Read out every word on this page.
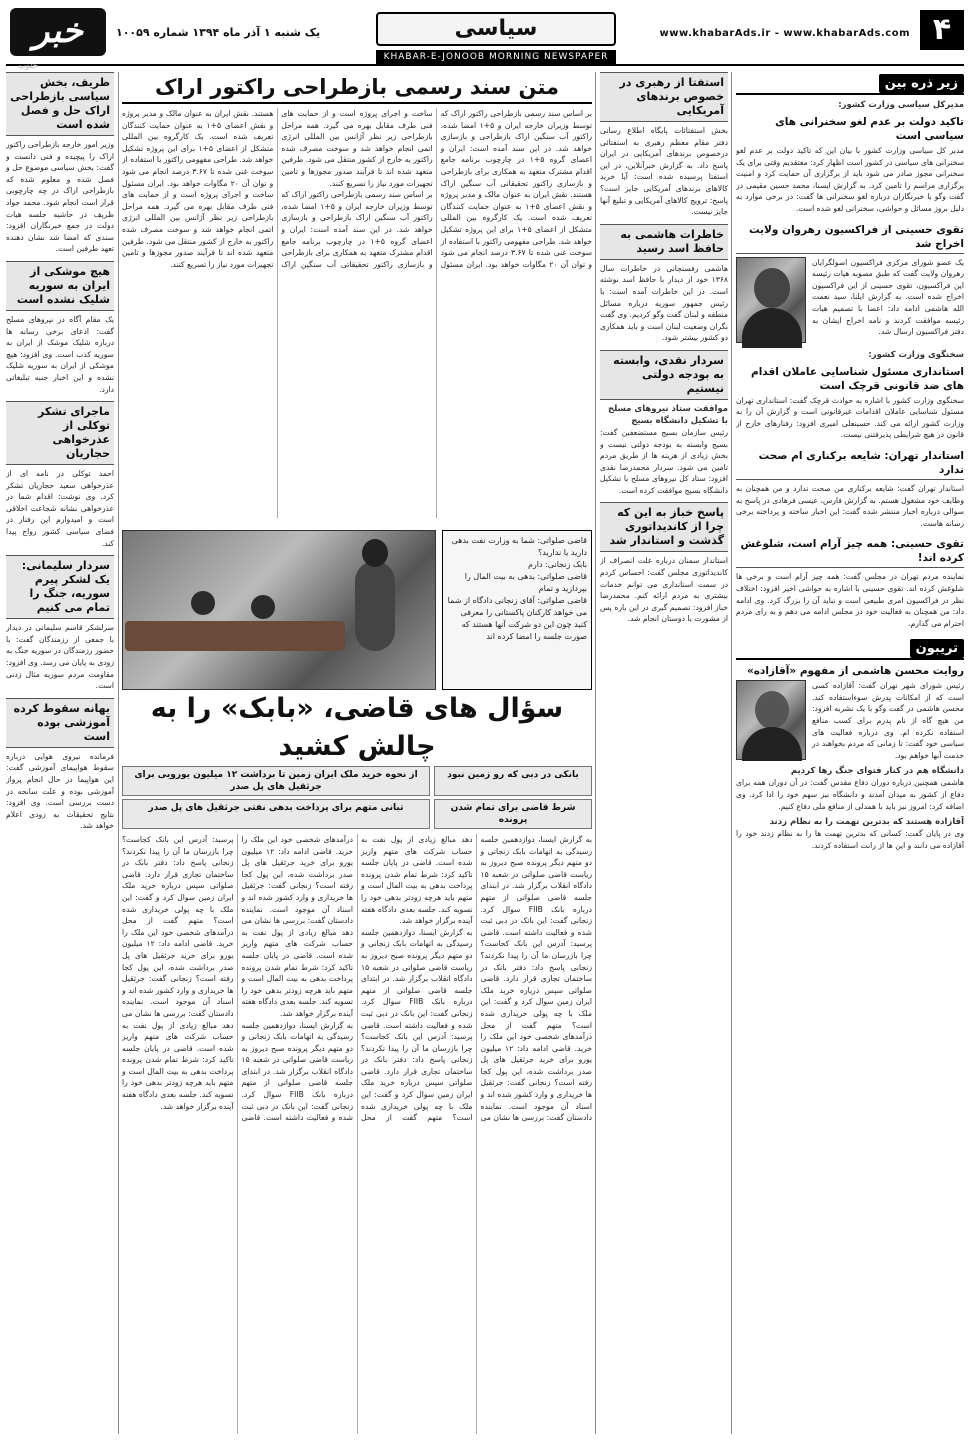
۴
www.khabarAds.ir - www.khabarAds.com
سیاسی
KHABAR-E-JONOOB MORNING NEWSPAPER
یک شنبه ۱ آذر ماه ۱۳۹۴ شماره ۱۰۰۵۹
خبر
جنوب
زیر ذره بین
مدیرکل سیاسی وزارت کشور:
تاکید دولت بر عدم لغو سخنرانی های سیاسی است

مدیر کل سیاسی وزارت کشور با بیان این که تاکید دولت بر عدم لغو سخنرانی های سیاسی در کشور است اظهار کرد: معتقدیم وقتی برای یک سخنرانی مجوز صادر می شود باید از برگزاری آن حمایت کرد و امنیت برگزاری مراسم را تامین کرد. به گزارش ایسنا، محمد حسین مقیمی در گفت وگو با خبرنگاران درباره لغو سخنرانی ها گفت: در برخی موارد به دلیل بروز مسائل و حواشی، سخنرانی لغو شده است.

تقوی حسینی از فراکسیون رهروان ولایت اخراج شد

یک عضو شورای مرکزی فراکسیون اصولگرایان رهروان ولایت گفت که طبق مصوبه هیات رئیسه این فراکسیون، تقوی حسینی از این فراکسیون اخراج شده است. به گزارش ایلنا، سید نعمت الله هاشمی ادامه داد: اعضا با تصمیم هیات رئیسه موافقت کردند و نامه اخراج ایشان به دفتر فراکسیون ارسال شد.

سخنگوی وزارت کشور:
استانداری مسئول شناسایی عاملان اقدام های ضد قانونی قرچک است

سخنگوی وزارت کشور با اشاره به حوادث قرچک گفت: استانداری تهران مسئول شناسایی عاملان اقدامات غیرقانونی است و گزارش آن را به وزارت کشور ارائه می کند. حسینعلی امیری افزود: رفتارهای خارج از قانون در هیچ شرایطی پذیرفتنی نیست.

استاندار تهران: شایعه برکناری ام صحت ندارد

استاندار تهران گفت: شایعه برکناری من صحت ندارد و من همچنان به وظایف خود مشغول هستم. به گزارش فارس، عیسی فرهادی در پاسخ به سوالی درباره اخبار منتشر شده گفت: این اخبار ساخته و پرداخته برخی رسانه هاست.

تقوی حسینی: همه چیز آرام است، شلوغش کرده اند!

نماینده مردم تهران در مجلس گفت: همه چیز آرام است و برخی ها شلوغش کرده اند. تقوی حسینی با اشاره به حواشی اخیر افزود: اختلاف نظر در فراکسیون امری طبیعی است و نباید آن را بزرگ کرد. وی ادامه داد: من همچنان به فعالیت خود در مجلس ادامه می دهم و به رای مردم احترام می گذارم.

تریبون
روایت محسن هاشمی از مفهوم «آقازاده»

رئیس شورای شهر تهران گفت: آقازاده کسی است که از امکانات پدرش سوءاستفاده کند. محسن هاشمی در گفت وگو با یک نشریه افزود: من هیچ گاه از نام پدرم برای کسب منافع استفاده نکرده ام. وی درباره فعالیت های سیاسی خود گفت: تا زمانی که مردم بخواهند در خدمت آنها خواهم بود.

دانشگاه هم در کنار فتوای جنگ رها کردیم

هاشمی همچنین درباره دوران دفاع مقدس گفت: در آن دوران همه برای دفاع از کشور به میدان آمدند و دانشگاه نیز سهم خود را ادا کرد. وی اضافه کرد: امروز نیز باید با همدلی از منافع ملی دفاع کنیم.

آقازاده هستند که بدترین تهمت را به نظام زدند

وی در پایان گفت: کسانی که بدترین تهمت ها را به نظام زدند خود را آقازاده می دانند و این ها از رانت استفاده کردند.

استفتا از رهبری در خصوص برندهای آمریکایی

بخش استفتائات پایگاه اطلاع رسانی دفتر مقام معظم رهبری به استفتائی درخصوص برندهای آمریکایی در ایران پاسخ داد. به گزارش خبرآنلاین، در این استفتا پرسیده شده است: آیا خرید کالاهای برندهای آمریکایی جایز است؟ پاسخ: ترویج کالاهای آمریکایی و تبلیغ آنها جایز نیست.

خاطرات هاشمی به حافظ اسد رسید

هاشمی رفسنجانی در خاطرات سال ۱۳۶۸ خود از دیدار با حافظ اسد نوشته است. در این خاطرات آمده است: با رئیس جمهور سوریه درباره مسائل منطقه و لبنان گفت وگو کردیم. وی گفت نگران وضعیت لبنان است و باید همکاری دو کشور بیشتر شود.

سردار نقدی، وابسته به بودجه دولتی نیستیم
موافقت ستاد نیروهای مسلح با تشکیل دانشگاه بسیج

رئیس سازمان بسیج مستضعفین گفت: بسیج وابسته به بودجه دولتی نیست و بخش زیادی از هزینه ها از طریق مردم تامین می شود. سردار محمدرضا نقدی افزود: ستاد کل نیروهای مسلح با تشکیل دانشگاه بسیج موافقت کرده است.

پاسخ خباز به این که چرا از کاندیداتوری گذشت و استاندار شد

استاندار سمنان درباره علت انصراف از کاندیداتوری مجلس گفت: احساس کردم در سمت استانداری می توانم خدمات بیشتری به مردم ارائه کنم. محمدرضا خباز افزود: تصمیم گیری در این باره پس از مشورت با دوستان انجام شد.

متن سند رسمی بازطراحی راکتور اراک

بر اساس سند رسمی بازطراحی راکتور اراک که توسط وزیران خارجه ایران و ۵+۱ امضا شده، راکتور آب سنگین اراک بازطراحی و بازسازی خواهد شد. در این سند آمده است: ایران و اعضای گروه ۵+۱ در چارچوب برنامه جامع اقدام مشترک متعهد به همکاری برای بازطراحی و بازسازی راکتور تحقیقاتی آب سنگین اراک هستند. نقش ایران به عنوان مالک و مدیر پروژه و نقش اعضای ۵+۱ به عنوان حمایت کنندگان تعریف شده است. یک کارگروه بین المللی متشکل از اعضای ۵+۱ برای این پروژه تشکیل خواهد شد. طراحی مفهومی راکتور با استفاده از سوخت غنی شده تا ۳.۶۷ درصد انجام می شود و توان آن ۲۰ مگاوات خواهد بود. ایران مسئول ساخت و اجرای پروژه است و از حمایت های فنی طرف مقابل بهره می گیرد. همه مراحل بازطراحی زیر نظر آژانس بین المللی انرژی اتمی انجام خواهد شد و سوخت مصرف شده راکتور به خارج از کشور منتقل می شود. طرفین متعهد شده اند تا فرآیند صدور مجوزها و تامین تجهیزات مورد نیاز را تسریع کنند.

بر اساس سند رسمی بازطراحی راکتور اراک که توسط وزیران خارجه ایران و ۵+۱ امضا شده، راکتور آب سنگین اراک بازطراحی و بازسازی خواهد شد. در این سند آمده است: ایران و اعضای گروه ۵+۱ در چارچوب برنامه جامع اقدام مشترک متعهد به همکاری برای بازطراحی و بازسازی راکتور تحقیقاتی آب سنگین اراک هستند. نقش ایران به عنوان مالک و مدیر پروژه و نقش اعضای ۵+۱ به عنوان حمایت کنندگان تعریف شده است. یک کارگروه بین المللی متشکل از اعضای ۵+۱ برای این پروژه تشکیل خواهد شد. طراحی مفهومی راکتور با استفاده از سوخت غنی شده تا ۳.۶۷ درصد انجام می شود و توان آن ۲۰ مگاوات خواهد بود. ایران مسئول ساخت و اجرای پروژه است و از حمایت های فنی طرف مقابل بهره می گیرد. همه مراحل بازطراحی زیر نظر آژانس بین المللی انرژی اتمی انجام خواهد شد و سوخت مصرف شده راکتور به خارج از کشور منتقل می شود. طرفین متعهد شده اند تا فرآیند صدور مجوزها و تامین تجهیزات مورد نیاز را تسریع کنند.

قاضی صلواتی: شما به وزارت نفت بدهی دارید یا ندارید؟

بابک زنجانی: دارم

قاضی صلواتی: بدهی به بیت المال را بپردازید و تمام

قاضی صلواتی: آقای زنجانی دادگاه از شما می خواهد کارکنان پاکستانی را معرفی کنید چون این دو شرکت آنها هستند که صورت جلسه را امضا کرده اند

سؤال های قاضی، «بابک» را به چالش کشید
بانکی در دبی که رو زمین نبود
از نحوه خرید ملک ایران زمین تا برداشت ۱۲ میلیون یورویی برای جرثقیل های پل صدر
شرط قاضی برای تمام شدن پرونده
تبانی متهم برای پرداخت بدهی نفتی جرثقیل های پل صدر

به گزارش ایسنا، دوازدهمین جلسه رسیدگی به اتهامات بابک زنجانی و دو متهم دیگر پرونده صبح دیروز به ریاست قاضی صلواتی در شعبه ۱۵ دادگاه انقلاب برگزار شد. در ابتدای جلسه قاضی صلواتی از متهم درباره بانک FIIB سوال کرد. زنجانی گفت: این بانک در دبی ثبت شده و فعالیت داشته است. قاضی پرسید: آدرس این بانک کجاست؟ چرا بازرسان ما آن را پیدا نکردند؟ زنجانی پاسخ داد: دفتر بانک در ساختمان تجاری قرار دارد. قاضی صلواتی سپس درباره خرید ملک ایران زمین سوال کرد و گفت: این ملک با چه پولی خریداری شده است؟ متهم گفت از محل درآمدهای شخصی خود این ملک را خرید. قاضی ادامه داد: ۱۲ میلیون یورو برای خرید جرثقیل های پل صدر برداشت شده، این پول کجا رفته است؟ زنجانی گفت: جرثقیل ها خریداری و وارد کشور شده اند و اسناد آن موجود است. نماینده دادستان گفت: بررسی ها نشان می دهد مبالغ زیادی از پول نفت به حساب شرکت های متهم واریز شده است. قاضی در پایان جلسه تاکید کرد: شرط تمام شدن پرونده پرداخت بدهی به بیت المال است و متهم باید هرچه زودتر بدهی خود را تسویه کند. جلسه بعدی دادگاه هفته آینده برگزار خواهد شد.

به گزارش ایسنا، دوازدهمین جلسه رسیدگی به اتهامات بابک زنجانی و دو متهم دیگر پرونده صبح دیروز به ریاست قاضی صلواتی در شعبه ۱۵ دادگاه انقلاب برگزار شد. در ابتدای جلسه قاضی صلواتی از متهم درباره بانک FIIB سوال کرد. زنجانی گفت: این بانک در دبی ثبت شده و فعالیت داشته است. قاضی پرسید: آدرس این بانک کجاست؟ چرا بازرسان ما آن را پیدا نکردند؟ زنجانی پاسخ داد: دفتر بانک در ساختمان تجاری قرار دارد. قاضی صلواتی سپس درباره خرید ملک ایران زمین سوال کرد و گفت: این ملک با چه پولی خریداری شده است؟ متهم گفت از محل درآمدهای شخصی خود این ملک را خرید. قاضی ادامه داد: ۱۲ میلیون یورو برای خرید جرثقیل های پل صدر برداشت شده، این پول کجا رفته است؟ زنجانی گفت: جرثقیل ها خریداری و وارد کشور شده اند و اسناد آن موجود است. نماینده دادستان گفت: بررسی ها نشان می دهد مبالغ زیادی از پول نفت به حساب شرکت های متهم واریز شده است. قاضی در پایان جلسه تاکید کرد: شرط تمام شدن پرونده پرداخت بدهی به بیت المال است و متهم باید هرچه زودتر بدهی خود را تسویه کند. جلسه بعدی دادگاه هفته آینده برگزار خواهد شد.

به گزارش ایسنا، دوازدهمین جلسه رسیدگی به اتهامات بابک زنجانی و دو متهم دیگر پرونده صبح دیروز به ریاست قاضی صلواتی در شعبه ۱۵ دادگاه انقلاب برگزار شد. در ابتدای جلسه قاضی صلواتی از متهم درباره بانک FIIB سوال کرد. زنجانی گفت: این بانک در دبی ثبت شده و فعالیت داشته است. قاضی پرسید: آدرس این بانک کجاست؟ چرا بازرسان ما آن را پیدا نکردند؟ زنجانی پاسخ داد: دفتر بانک در ساختمان تجاری قرار دارد. قاضی صلواتی سپس درباره خرید ملک ایران زمین سوال کرد و گفت: این ملک با چه پولی خریداری شده است؟ متهم گفت از محل درآمدهای شخصی خود این ملک را خرید. قاضی ادامه داد: ۱۲ میلیون یورو برای خرید جرثقیل های پل صدر برداشت شده، این پول کجا رفته است؟ زنجانی گفت: جرثقیل ها خریداری و وارد کشور شده اند و اسناد آن موجود است. نماینده دادستان گفت: بررسی ها نشان می دهد مبالغ زیادی از پول نفت به حساب شرکت های متهم واریز شده است. قاضی در پایان جلسه تاکید کرد: شرط تمام شدن پرونده پرداخت بدهی به بیت المال است و متهم باید هرچه زودتر بدهی خود را تسویه کند. جلسه بعدی دادگاه هفته آینده برگزار خواهد شد.

ظریف، بخش سیاسی بازطراحی اراک حل و فصل شده است

وزیر امور خارجه بازطراحی راکتور اراک را پیچیده و فنی دانست و گفت: بخش سیاسی موضوع حل و فصل شده و معلوم شده که بازطراحی اراک در چه چارچوبی قرار است انجام شود. محمد جواد ظریف در حاشیه جلسه هیات دولت در جمع خبرنگاران افزود: سندی که امضا شد نشان دهنده تعهد طرفین است.

هیچ موشکی از ایران به سوریه شلیک نشده است

یک مقام آگاه در نیروهای مسلح گفت: ادعای برخی رسانه ها درباره شلیک موشک از ایران به سوریه کذب است. وی افزود: هیچ موشکی از ایران به سوریه شلیک نشده و این اخبار جنبه تبلیغاتی دارد.

ماجرای تشکر توکلی از عذرخواهی حجاریان

احمد توکلی در نامه ای از عذرخواهی سعید حجاریان تشکر کرد. وی نوشت: اقدام شما در عذرخواهی نشانه شجاعت اخلاقی است و امیدوارم این رفتار در فضای سیاسی کشور رواج پیدا کند.

سردار سلیمانی: یک لشکر پیرم سوریه، جنگ را تمام می کنیم

سرلشکر قاسم سلیمانی در دیدار با جمعی از رزمندگان گفت: با حضور رزمندگان در سوریه جنگ به زودی به پایان می رسد. وی افزود: مقاومت مردم سوریه مثال زدنی است.

بهانه سقوط کرده آموزشی بوده است

فرمانده نیروی هوایی درباره سقوط هواپیمای آموزشی گفت: این هواپیما در حال انجام پرواز آموزشی بوده و علت سانحه در دست بررسی است. وی افزود: نتایج تحقیقات به زودی اعلام خواهد شد.
